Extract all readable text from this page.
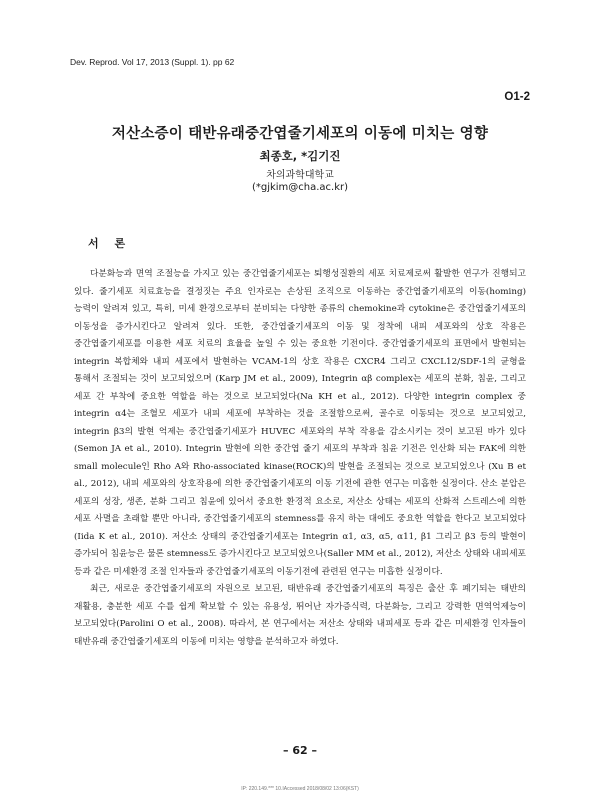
Dev. Reprod. Vol 17, 2013 (Suppl. 1). pp 62
O1-2
저산소증이 태반유래중간엽줄기세포의 이동에 미치는 영향
최종호, *김기진
차의과학대학교
(*gjkim@cha.ac.kr)
서 론

다분화능과 면역 조절능을 가지고 있는 중간엽줄기세포는 퇴행성질환의 세포 치료제로써 활발한 연구가 진행되고 있다. 줄기세포 치료효능을 결정짓는 주요 인자로는 손상된 조직으로 이동하는 중간엽줄기세포의 이동(homing) 능력이 알려져 있고, 특히, 미세 환경으로부터 분비되는 다양한 종류의 chemokine과 cytokine은 중간엽줄기세포의 이동성을 증가시킨다고 알려져 있다. 또한, 중간엽줄기세포의 이동 및 정착에 내피 세포와의 상호 작용은 중간엽줄기세포를 이용한 세포 치료의 효율을 높일 수 있는 중요한 기전이다. 중간엽줄기세포의 표면에서 발현되는 integrin 복합체와 내피 세포에서 발현하는 VCAM-1의 상호 작용은 CXCR4 그리고 CXCL12/SDF-1의 균형을 통해서 조절되는 것이 보고되었으며 (Karp JM et al., 2009), Integrin αβ complex는 세포의 분화, 침윤, 그리고 세포 간 부착에 중요한 역할을 하는 것으로 보고되었다(Na KH et al., 2012). 다양한 integrin complex 중 integrin α4는 조혈모 세포가 내피 세포에 부착하는 것을 조절함으로써, 골수로 이동되는 것으로 보고되었고, integrin β3의 발현 억제는 중간엽줄기세포가 HUVEC 세포와의 부착 작용을 감소시키는 것이 보고된 바가 있다(Semon JA et al., 2010). Integrin 발현에 의한 중간엽 줄기 세포의 부착과 침윤 기전은 인산화 되는 FAK에 의한 small molecule인 Rho A와 Rho-associated kinase(ROCK)의 발현을 조절되는 것으로 보고되었으나 (Xu B et al., 2012), 내피 세포와의 상호작용에 의한 중간엽줄기세포의 이동 기전에 관한 연구는 미흡한 실정이다. 산소 분압은 세포의 성장, 생존, 분화 그리고 침윤에 있어서 중요한 환경적 요소로, 저산소 상태는 세포의 산화적 스트레스에 의한 세포 사멸을 초래할 뿐만 아니라, 중간엽줄기세포의 stemness를 유지 하는 대에도 중요한 역할을 한다고 보고되었다(Iida K et al., 2010). 저산소 상태의 중간엽줄기세포는 Integrin α1, α3, α5, α11, β1 그리고 β3 등의 발현이 증가되어 침윤능은 물론 stemness도 증가시킨다고 보고되었으나(Saller MM et al., 2012), 저산소 상태와 내피세포 등과 같은 미세환경 조절 인자들과 중간엽줄기세포의 이동기전에 관련된 연구는 미흡한 실정이다.

최근, 새로운 중간엽줄기세포의 자원으로 보고된, 태반유래 중간엽줄기세포의 특징은 출산 후 폐기되는 태반의 재활용, 충분한 세포 수를 쉽게 확보할 수 있는 유용성, 뛰어난 자가증식력, 다분화능, 그리고 강력한 면역억제능이 보고되었다(Parolini O et al., 2008). 따라서, 본 연구에서는 저산소 상태와 내피세포 등과 같은 미세환경 인자들이 태반유래 중간엽줄기세포의 이동에 미치는 영향을 분석하고자 하였다.

– 62 –
IP: 220.149.*** 10.IAccessed 2018/08/02 13:06(KST)
